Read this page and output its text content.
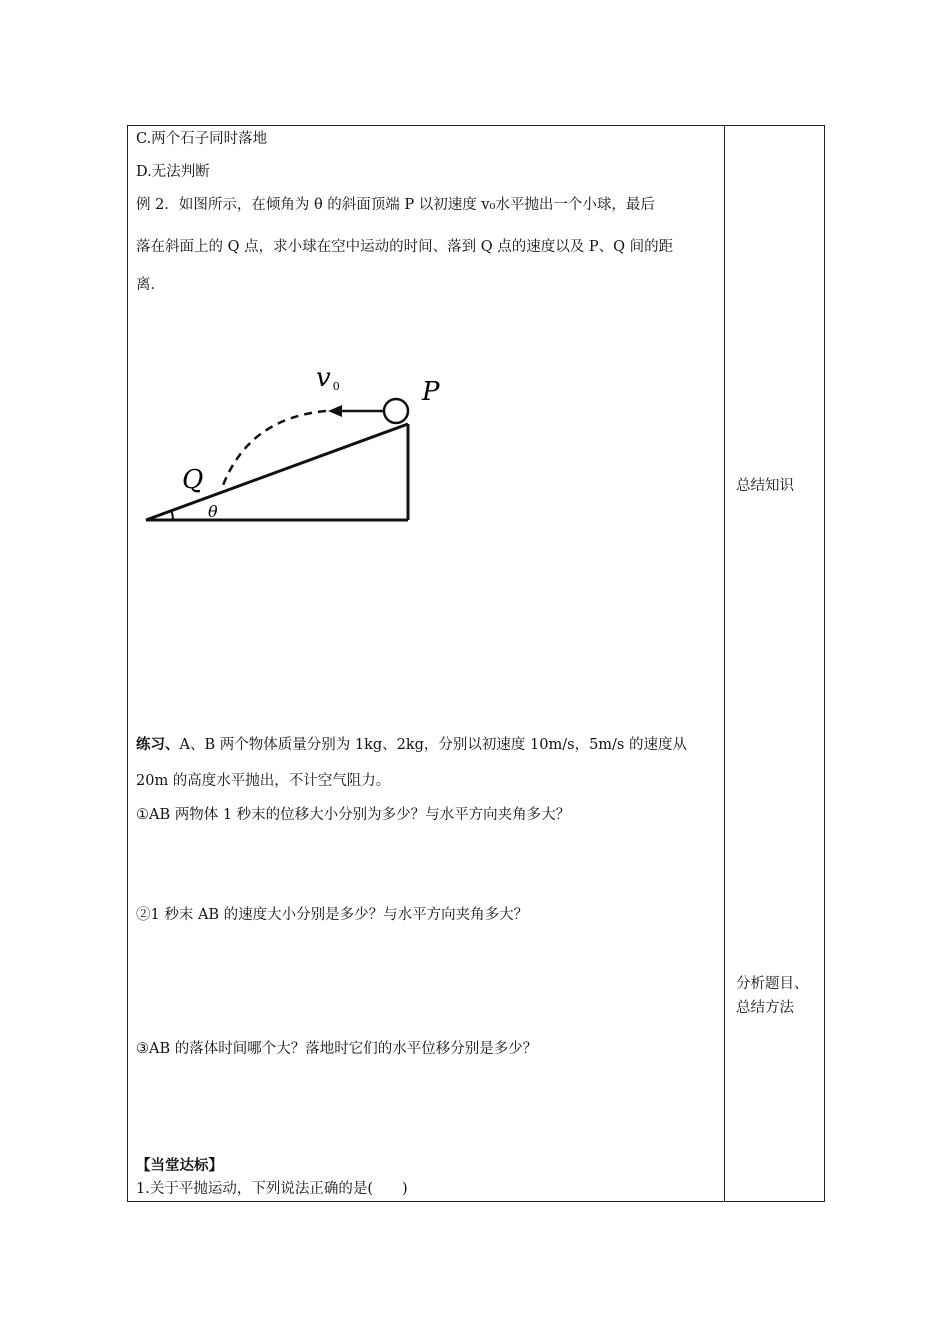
C.两个石子同时落地
D.无法判断
例 2．如图所示，在倾角为 θ 的斜面顶端 P 以初速度 v₀水平抛出一个小球，最后
落在斜面上的 Q 点，求小球在空中运动的时间、落到 Q 点的速度以及 P、Q 间的距
离．
v 0	P
Q
θ
练习、A、B 两个物体质量分别为 1kg、2kg，分别以初速度 10m/s，5m/s 的速度从
20m 的高度水平抛出，不计空气阻力。
①AB 两物体 1 秒末的位移大小分别为多少？与水平方向夹角多大？
②1 秒末 AB 的速度大小分别是多少？与水平方向夹角多大？
③AB 的落体时间哪个大？落地时它们的水平位移分别是多少？
【当堂达标】
1.关于平抛运动，下列说法正确的是(　　)
总结知识
分析题目、
总结方法
